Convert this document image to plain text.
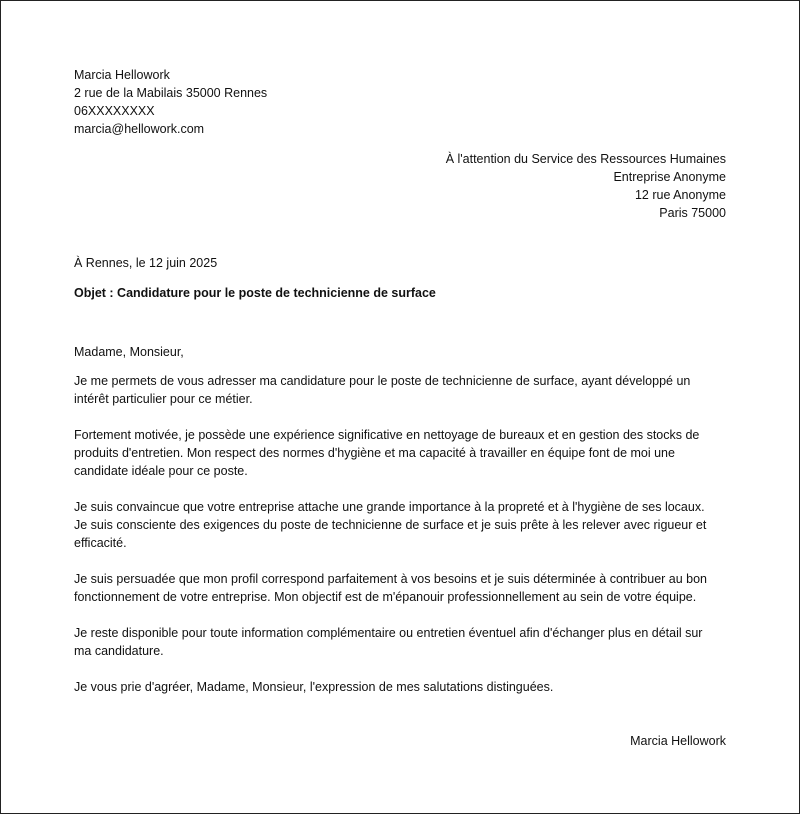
Marcia Hellowork
2 rue de la Mabilais 35000 Rennes
06XXXXXXXX
marcia@hellowork.com
À l'attention du Service des Ressources Humaines
Entreprise Anonyme
12 rue Anonyme
Paris 75000
À Rennes, le 12 juin 2025
Objet : Candidature pour le poste de technicienne de surface
Madame, Monsieur,
Je me permets de vous adresser ma candidature pour le poste de technicienne de surface, ayant développé un
intérêt particulier pour ce métier.
Fortement motivée, je possède une expérience significative en nettoyage de bureaux et en gestion des stocks de
produits d'entretien. Mon respect des normes d'hygiène et ma capacité à travailler en équipe font de moi une
candidate idéale pour ce poste.
Je suis convaincue que votre entreprise attache une grande importance à la propreté et à l'hygiène de ses locaux.
Je suis consciente des exigences du poste de technicienne de surface et je suis prête à les relever avec rigueur et
efficacité.
Je suis persuadée que mon profil correspond parfaitement à vos besoins et je suis déterminée à contribuer au bon
fonctionnement de votre entreprise. Mon objectif est de m'épanouir professionnellement au sein de votre équipe.
Je reste disponible pour toute information complémentaire ou entretien éventuel afin d'échanger plus en détail sur
ma candidature.
Je vous prie d'agréer, Madame, Monsieur, l'expression de mes salutations distinguées.
Marcia Hellowork
